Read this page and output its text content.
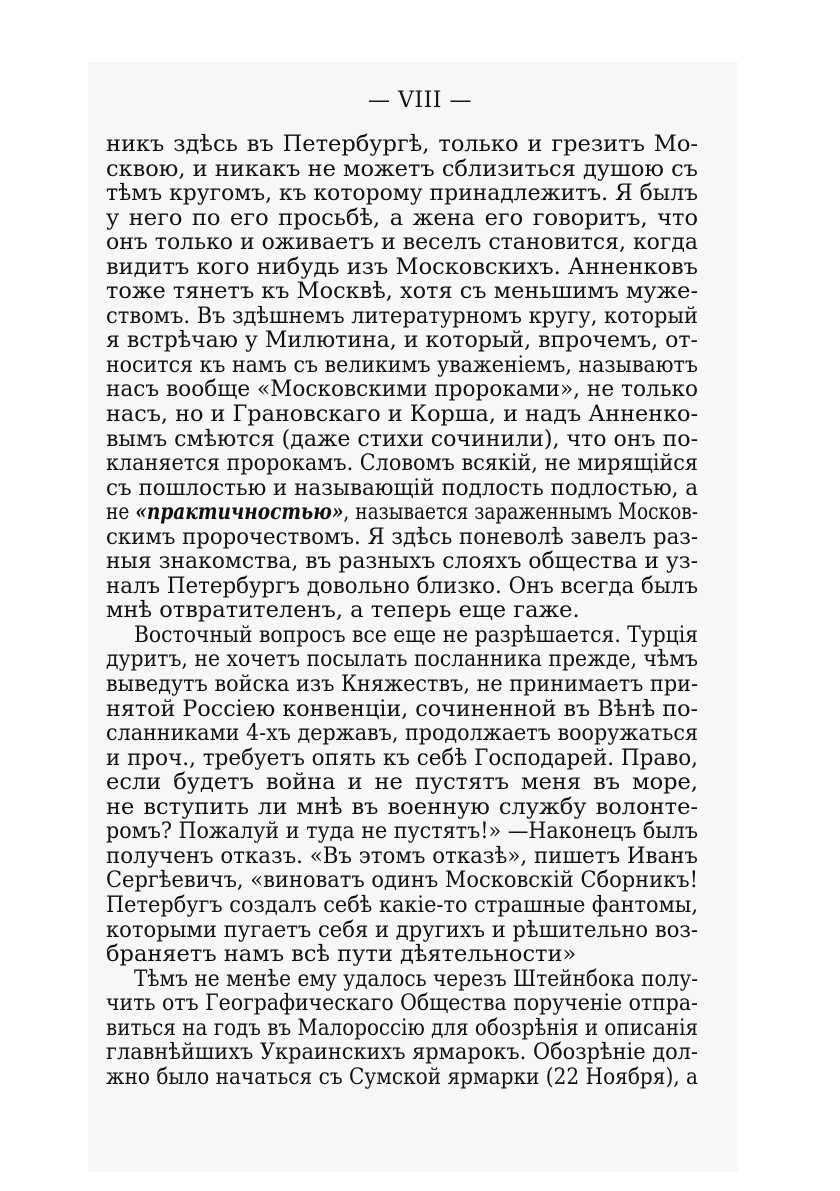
— VIII —
никъ здѣсь въ Петербургѣ, только и грезитъ Мо-
сквою, и никакъ не можетъ сблизиться душою съ
тѣмъ кругомъ, къ которому принадлежитъ. Я былъ
у него по его просьбѣ, а жена его говоритъ, что
онъ только и оживаетъ и веселъ становится, когда
видитъ кого нибудь изъ Московскихъ. Анненковъ
тоже тянетъ къ Москвѣ, хотя съ меньшимъ муже-
ствомъ. Въ здѣшнемъ литературномъ кругу, который
я встрѣчаю у Милютина, и который, впрочемъ, от-
носится къ намъ съ великимъ уваженіемъ, называютъ
насъ вообще «Московскими пророками», не только
насъ, но и Грановскаго и Корша, и надъ Анненко-
вымъ смѣются (даже стихи сочинили), что онъ по-
кланяется пророкамъ. Словомъ всякій, не мирящійся
съ пошлостью и называющій подлость подлостью, а
не «практичностью», называется зараженнымъ Москов-
скимъ пророчествомъ. Я здѣсь поневолѣ завелъ раз-
ныя знакомства, въ разныхъ слояхъ общества и уз-
налъ Петербургъ довольно близко. Онъ всегда былъ
мнѣ отвратителенъ, а теперь еще гаже.
Восточный вопросъ все еще не разрѣшается. Турція
дуритъ, не хочетъ посылать посланника прежде, чѣмъ
выведутъ войска изъ Княжествъ, не принимаетъ при-
нятой Россіею конвенціи, сочиненной въ Вѣнѣ по-
сланниками 4-хъ державъ, продолжаетъ вооружаться
и проч., требуетъ опять къ себѣ Господарей. Право,
если будетъ война и не пустятъ меня въ море,
не вступить ли мнѣ въ военную службу волонте-
ромъ? Пожалуй и туда не пустятъ!» —Наконецъ былъ
полученъ отказъ. «Въ этомъ отказѣ», пишетъ Иванъ
Сергѣевичъ, «виноватъ одинъ Московскій Сборникъ!
Петербугъ создалъ себѣ какіе-то страшные фантомы,
которыми пугаетъ себя и другихъ и рѣшительно воз-
браняетъ намъ всѣ пути дѣятельности»
Тѣмъ не менѣе ему удалось черезъ Штейнбока полу-
чить отъ Географическаго Общества порученіе отпра-
виться на годъ въ Малороссію для обозрѣнія и описанія
главнѣйшихъ Украинскихъ ярмарокъ. Обозрѣніе дол-
жно было начаться съ Сумской ярмарки (22 Ноября), а
